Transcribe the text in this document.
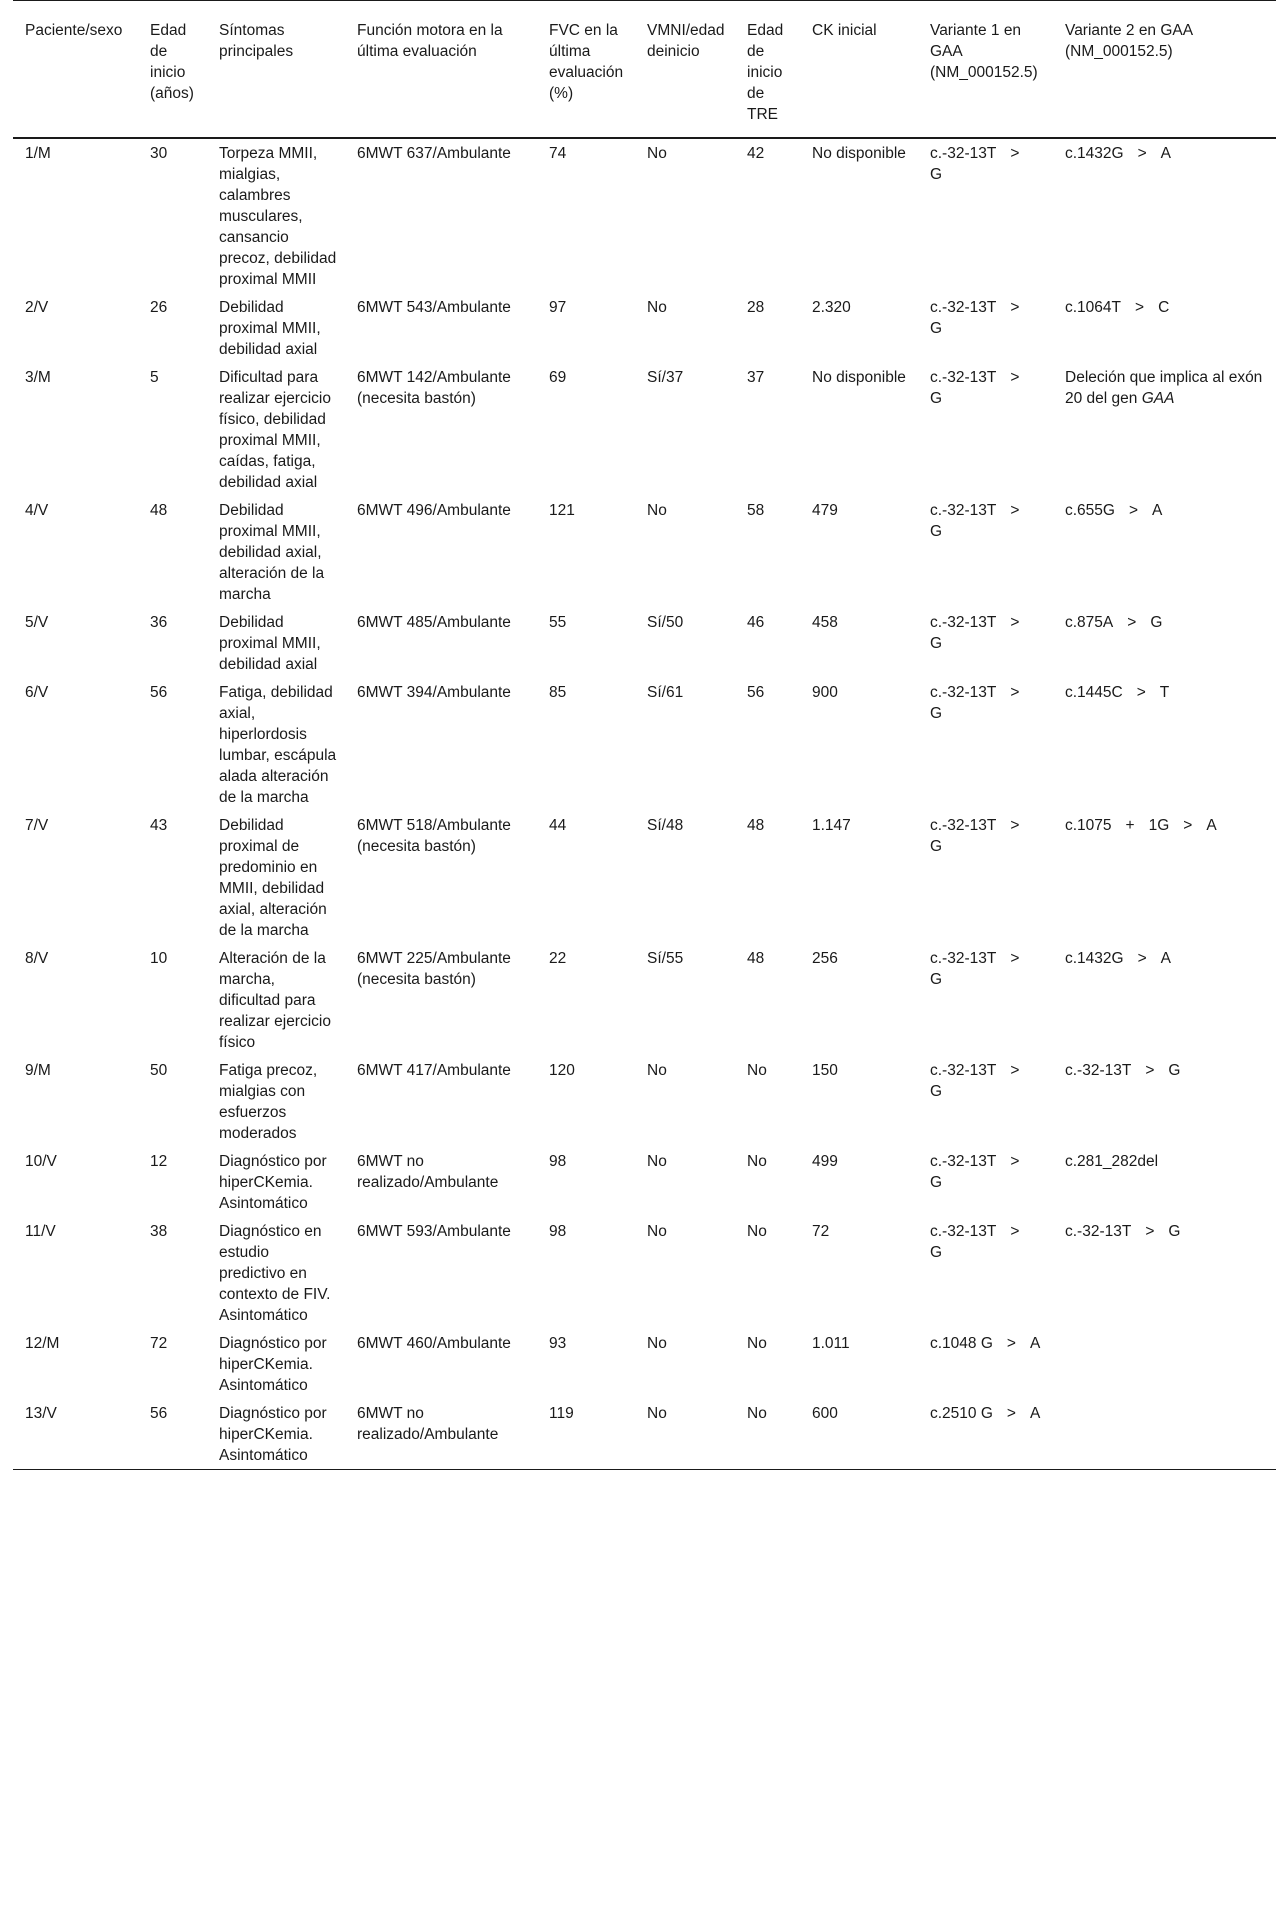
Paciente/sexo	Edad de inicio (años)	Síntomas principales	Función motora en la última evaluación	FVC en la última evaluación (%)	VMNI/edad deinicio	Edad de inicio de TRE	CK inicial	Variante 1 en GAA (NM_000152.5)	Variante 2 en GAA (NM_000152.5)
1/M	30	Torpeza MMII, mialgias, calambres musculares, cansancio precoz, debilidad proximal MMII	6MWT 637/Ambulante	74	No	42	No disponible	c.-32-13T >G	c.1432G > A
2/V	26	Debilidad proximal MMII, debilidad axial	6MWT 543/Ambulante	97	No	28	2.320	c.-32-13T >G	c.1064T > C
3/M	5	Dificultad para realizar ejercicio físico, debilidad proximal MMII, caídas, fatiga, debilidad axial	6MWT 142/Ambulante (necesita bastón)	69	Sí/37	37	No disponible	c.-32-13T >G	Deleción que implica al exón 20 del gen GAA
4/V	48	Debilidad proximal MMII, debilidad axial, alteración de la marcha	6MWT 496/Ambulante	121	No	58	479	c.-32-13T >G	c.655G > A
5/V	36	Debilidad proximal MMII, debilidad axial	6MWT 485/Ambulante	55	Sí/50	46	458	c.-32-13T >G	c.875A > G
6/V	56	Fatiga, debilidad axial, hiperlordosis lumbar, escápula alada alteración de la marcha	6MWT 394/Ambulante	85	Sí/61	56	900	c.-32-13T >G	c.1445C > T
7/V	43	Debilidad proximal de predominio en MMII, debilidad axial, alteración de la marcha	6MWT 518/Ambulante (necesita bastón)	44	Sí/48	48	1.147	c.-32-13T >G	c.1075 + 1G > A
8/V	10	Alteración de la marcha, dificultad para realizar ejercicio físico	6MWT 225/Ambulante (necesita bastón)	22	Sí/55	48	256	c.-32-13T >G	c.1432G > A
9/M	50	Fatiga precoz, mialgias con esfuerzos moderados	6MWT 417/Ambulante	120	No	No	150	c.-32-13T >G	c.-32-13T > G
10/V	12	Diagnóstico por hiperCKemia. Asintomático	6MWT no realizado/Ambulante	98	No	No	499	c.-32-13T >G	c.281_282del
11/V	38	Diagnóstico en estudio predictivo en contexto de FIV. Asintomático	6MWT 593/Ambulante	98	No	No	72	c.-32-13T >G	c.-32-13T > G
12/M	72	Diagnóstico por hiperCKemia. Asintomático	6MWT 460/Ambulante	93	No	No	1.011	c.1048 G > A	
13/V	56	Diagnóstico por hiperCKemia. Asintomático	6MWT no realizado/Ambulante	119	No	No	600	c.2510 G > A	
